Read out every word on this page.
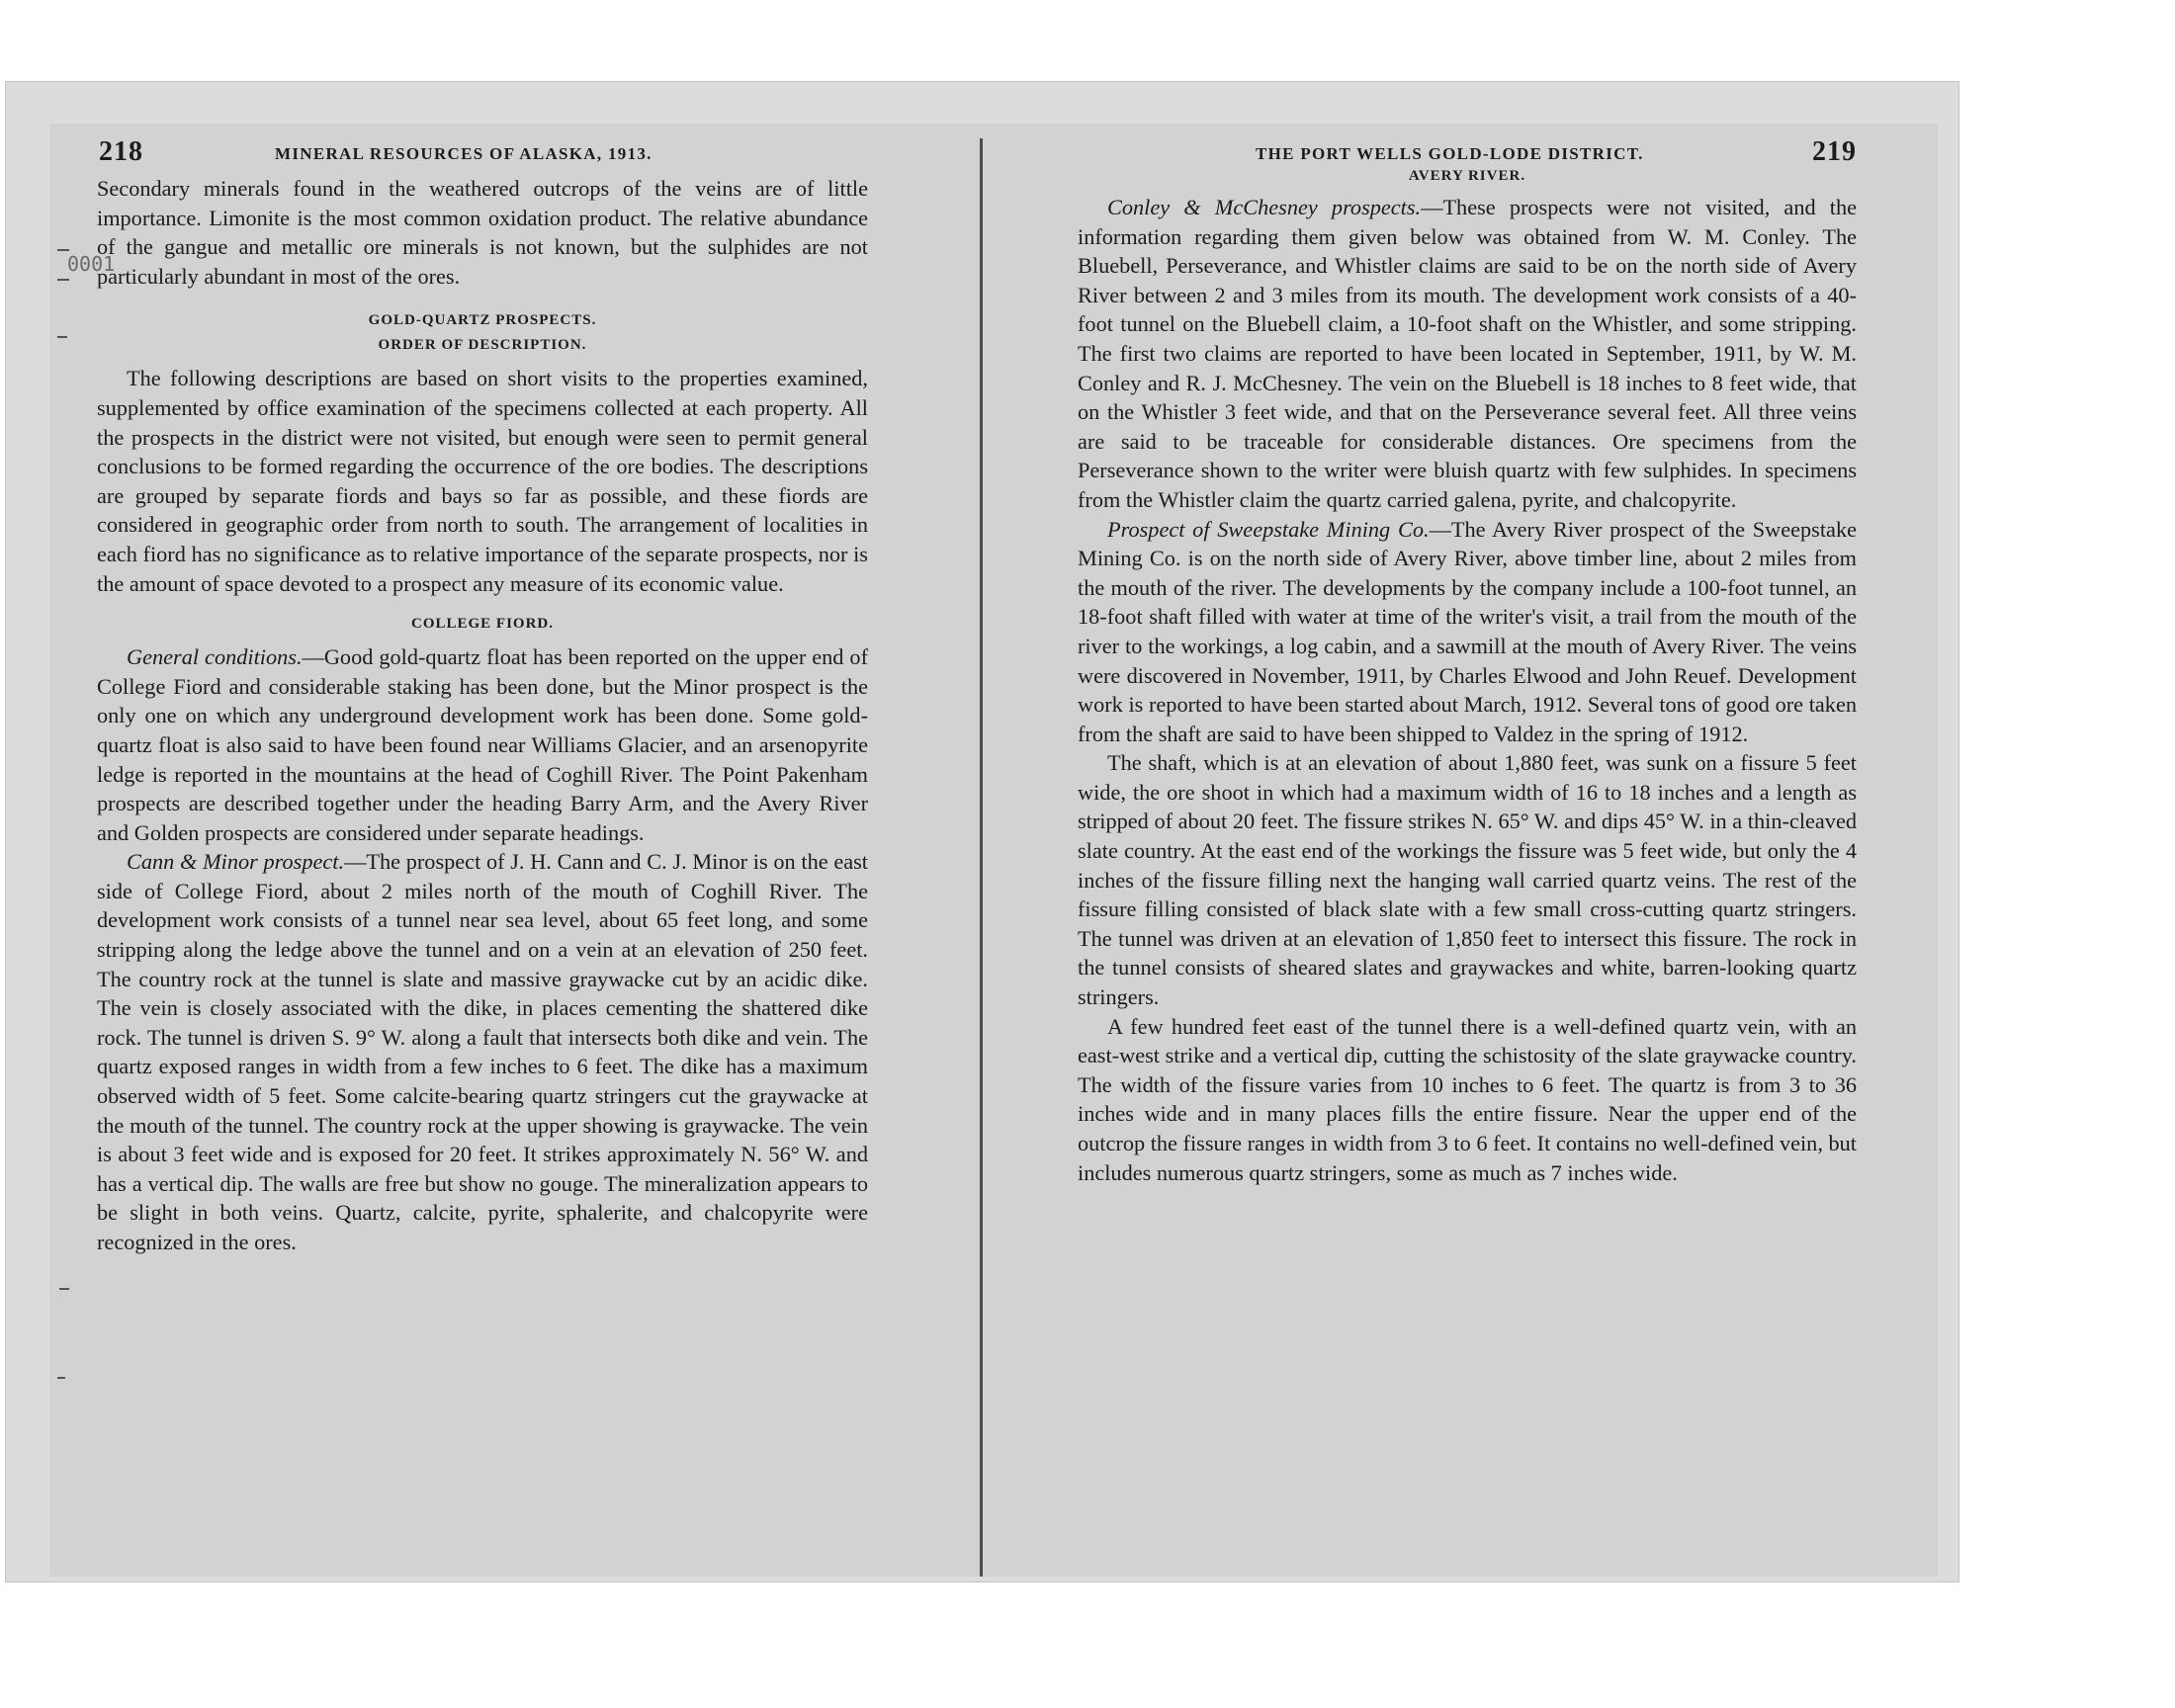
0001
218	MINERAL RESOURCES OF ALASKA, 1913.

Secondary minerals found in the weathered outcrops of the veins are of little importance. Limonite is the most common oxidation product. The relative abundance of the gangue and metallic ore minerals is not known, but the sulphides are not particularly abundant in most of the ores.

GOLD-QUARTZ PROSPECTS.
ORDER OF DESCRIPTION.

The following descriptions are based on short visits to the properties examined, supplemented by office examination of the specimens collected at each property. All the prospects in the district were not visited, but enough were seen to permit general conclusions to be formed regarding the occurrence of the ore bodies. The descriptions are grouped by separate fiords and bays so far as possible, and these fiords are considered in geographic order from north to south. The arrangement of localities in each fiord has no significance as to relative importance of the separate prospects, nor is the amount of space devoted to a prospect any measure of its economic value.

COLLEGE FIORD.

General conditions.—Good gold-quartz float has been reported on the upper end of College Fiord and considerable staking has been done, but the Minor prospect is the only one on which any underground development work has been done. Some gold-quartz float is also said to have been found near Williams Glacier, and an arsenopyrite ledge is reported in the mountains at the head of Coghill River. The Point Pakenham prospects are described together under the heading Barry Arm, and the Avery River and Golden prospects are considered under separate headings.

Cann & Minor prospect.—The prospect of J. H. Cann and C. J. Minor is on the east side of College Fiord, about 2 miles north of the mouth of Coghill River. The development work consists of a tunnel near sea level, about 65 feet long, and some stripping along the ledge above the tunnel and on a vein at an elevation of 250 feet. The country rock at the tunnel is slate and massive graywacke cut by an acidic dike. The vein is closely associated with the dike, in places cementing the shattered dike rock. The tunnel is driven S. 9° W. along a fault that intersects both dike and vein. The quartz exposed ranges in width from a few inches to 6 feet. The dike has a maximum observed width of 5 feet. Some calcite-bearing quartz stringers cut the graywacke at the mouth of the tunnel. The country rock at the upper showing is graywacke. The vein is about 3 feet wide and is exposed for 20 feet. It strikes approximately N. 56° W. and has a vertical dip. The walls are free but show no gouge. The mineralization appears to be slight in both veins. Quartz, calcite, pyrite, sphalerite, and chalcopyrite were recognized in the ores.

THE PORT WELLS GOLD-LODE DISTRICT.	219
AVERY RIVER.

Conley & McChesney prospects.—These prospects were not visited, and the information regarding them given below was obtained from W. M. Conley. The Bluebell, Perseverance, and Whistler claims are said to be on the north side of Avery River between 2 and 3 miles from its mouth. The development work consists of a 40-foot tunnel on the Bluebell claim, a 10-foot shaft on the Whistler, and some stripping. The first two claims are reported to have been located in September, 1911, by W. M. Conley and R. J. McChesney. The vein on the Bluebell is 18 inches to 8 feet wide, that on the Whistler 3 feet wide, and that on the Perseverance several feet. All three veins are said to be traceable for considerable distances. Ore specimens from the Perseverance shown to the writer were bluish quartz with few sulphides. In specimens from the Whistler claim the quartz carried galena, pyrite, and chalcopyrite.

Prospect of Sweepstake Mining Co.—The Avery River prospect of the Sweepstake Mining Co. is on the north side of Avery River, above timber line, about 2 miles from the mouth of the river. The developments by the company include a 100-foot tunnel, an 18-foot shaft filled with water at time of the writer's visit, a trail from the mouth of the river to the workings, a log cabin, and a sawmill at the mouth of Avery River. The veins were discovered in November, 1911, by Charles Elwood and John Reuef. Development work is reported to have been started about March, 1912. Several tons of good ore taken from the shaft are said to have been shipped to Valdez in the spring of 1912.

The shaft, which is at an elevation of about 1,880 feet, was sunk on a fissure 5 feet wide, the ore shoot in which had a maximum width of 16 to 18 inches and a length as stripped of about 20 feet. The fissure strikes N. 65° W. and dips 45° W. in a thin-cleaved slate country. At the east end of the workings the fissure was 5 feet wide, but only the 4 inches of the fissure filling next the hanging wall carried quartz veins. The rest of the fissure filling consisted of black slate with a few small cross-cutting quartz stringers. The tunnel was driven at an elevation of 1,850 feet to intersect this fissure. The rock in the tunnel consists of sheared slates and graywackes and white, barren-looking quartz stringers.

A few hundred feet east of the tunnel there is a well-defined quartz vein, with an east-west strike and a vertical dip, cutting the schistosity of the slate graywacke country. The width of the fissure varies from 10 inches to 6 feet. The quartz is from 3 to 36 inches wide and in many places fills the entire fissure. Near the upper end of the outcrop the fissure ranges in width from 3 to 6 feet. It contains no well-defined vein, but includes numerous quartz stringers, some as much as 7 inches wide.
